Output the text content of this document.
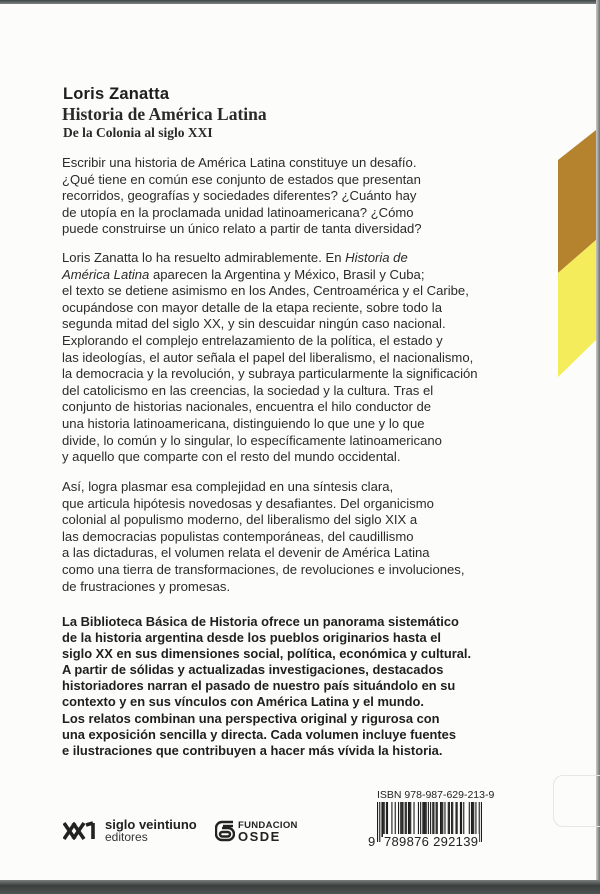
Loris Zanatta
Historia de América Latina
De la Colonia al siglo XXI

Escribir una historia de América Latina constituye un desafío.
¿Qué tiene en común ese conjunto de estados que presentan
recorridos, geografías y sociedades diferentes? ¿Cuánto hay
de utopía en la proclamada unidad latinoamericana? ¿Cómo
puede construirse un único relato a partir de tanta diversidad?

Loris Zanatta lo ha resuelto admirablemente. En Historia de
América Latina aparecen la Argentina y México, Brasil y Cuba;
el texto se detiene asimismo en los Andes, Centroamérica y el Caribe,
ocupándose con mayor detalle de la etapa reciente, sobre todo la
segunda mitad del siglo XX, y sin descuidar ningún caso nacional.
Explorando el complejo entrelazamiento de la política, el estado y
las ideologías, el autor señala el papel del liberalismo, el nacionalismo,
la democracia y la revolución, y subraya particularmente la significación
del catolicismo en las creencias, la sociedad y la cultura. Tras el
conjunto de historias nacionales, encuentra el hilo conductor de
una historia latinoamericana, distinguiendo lo que une y lo que
divide, lo común y lo singular, lo específicamente latinoamericano
y aquello que comparte con el resto del mundo occidental.

Así, logra plasmar esa complejidad en una síntesis clara,
que articula hipótesis novedosas y desafiantes. Del organicismo
colonial al populismo moderno, del liberalismo del siglo XIX a
las democracias populistas contemporáneas, del caudillismo
a las dictaduras, el volumen relata el devenir de América Latina
como una tierra de transformaciones, de revoluciones e involuciones,
de frustraciones y promesas.

La Biblioteca Básica de Historia ofrece un panorama sistemático
de la historia argentina desde los pueblos originarios hasta el
siglo XX en sus dimensiones social, política, económica y cultural.
A partir de sólidas y actualizadas investigaciones, destacados
historiadores narran el pasado de nuestro país situándolo en su
contexto y en sus vínculos con América Latina y el mundo.
Los relatos combinan una perspectiva original y rigurosa con
una exposición sencilla y directa. Cada volumen incluye fuentes
e ilustraciones que contribuyen a hacer más vívida la historia.

siglo veintiuno
editores
FUNDACION
OSDE
ISBN 978-987-629-213-9
9 789876 292139
